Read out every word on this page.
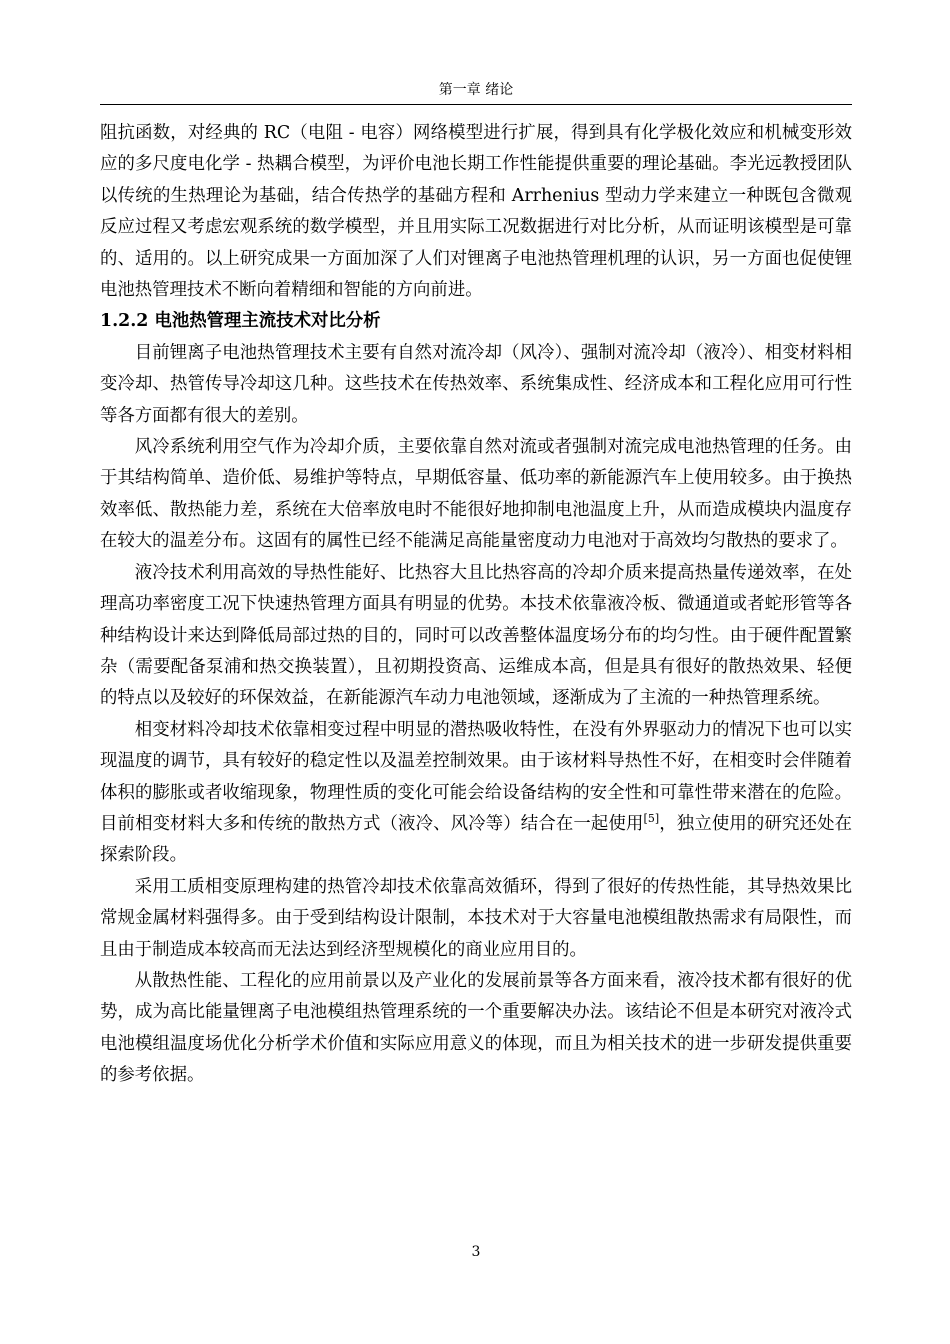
第一章 绪论

阻抗函数，对经典的 RC（电阻 - 电容）网络模型进行扩展，得到具有化学极化效应和机械变形效应的多尺度电化学 - 热耦合模型，为评价电池长期工作性能提供重要的理论基础。李光远教授团队以传统的生热理论为基础，结合传热学的基础方程和 Arrhenius 型动力学来建立一种既包含微观反应过程又考虑宏观系统的数学模型，并且用实际工况数据进行对比分析，从而证明该模型是可靠的、适用的。以上研究成果一方面加深了人们对锂离子电池热管理机理的认识，另一方面也促使锂电池热管理技术不断向着精细和智能的方向前进。

1.2.2 电池热管理主流技术对比分析

目前锂离子电池热管理技术主要有自然对流冷却（风冷）、强制对流冷却（液冷）、相变材料相变冷却、热管传导冷却这几种。这些技术在传热效率、系统集成性、经济成本和工程化应用可行性等各方面都有很大的差别。

风冷系统利用空气作为冷却介质，主要依靠自然对流或者强制对流完成电池热管理的任务。由于其结构简单、造价低、易维护等特点，早期低容量、低功率的新能源汽车上使用较多。由于换热效率低、散热能力差，系统在大倍率放电时不能很好地抑制电池温度上升，从而造成模块内温度存在较大的温差分布。这固有的属性已经不能满足高能量密度动力电池对于高效均匀散热的要求了。

液冷技术利用高效的导热性能好、比热容大且比热容高的冷却介质来提高热量传递效率，在处理高功率密度工况下快速热管理方面具有明显的优势。本技术依靠液冷板、微通道或者蛇形管等各种结构设计来达到降低局部过热的目的，同时可以改善整体温度场分布的均匀性。由于硬件配置繁杂（需要配备泵浦和热交换装置），且初期投资高、运维成本高，但是具有很好的散热效果、轻便的特点以及较好的环保效益，在新能源汽车动力电池领域，逐渐成为了主流的一种热管理系统。

相变材料冷却技术依靠相变过程中明显的潜热吸收特性，在没有外界驱动力的情况下也可以实现温度的调节，具有较好的稳定性以及温差控制效果。由于该材料导热性不好，在相变时会伴随着体积的膨胀或者收缩现象，物理性质的变化可能会给设备结构的安全性和可靠性带来潜在的危险。目前相变材料大多和传统的散热方式（液冷、风冷等）结合在一起使用[5]，独立使用的研究还处在探索阶段。

采用工质相变原理构建的热管冷却技术依靠高效循环，得到了很好的传热性能，其导热效果比常规金属材料强得多。由于受到结构设计限制，本技术对于大容量电池模组散热需求有局限性，而且由于制造成本较高而无法达到经济型规模化的商业应用目的。

从散热性能、工程化的应用前景以及产业化的发展前景等各方面来看，液冷技术都有很好的优势，成为高比能量锂离子电池模组热管理系统的一个重要解决办法。该结论不但是本研究对液冷式电池模组温度场优化分析学术价值和实际应用意义的体现，而且为相关技术的进一步研发提供重要的参考依据。

3
